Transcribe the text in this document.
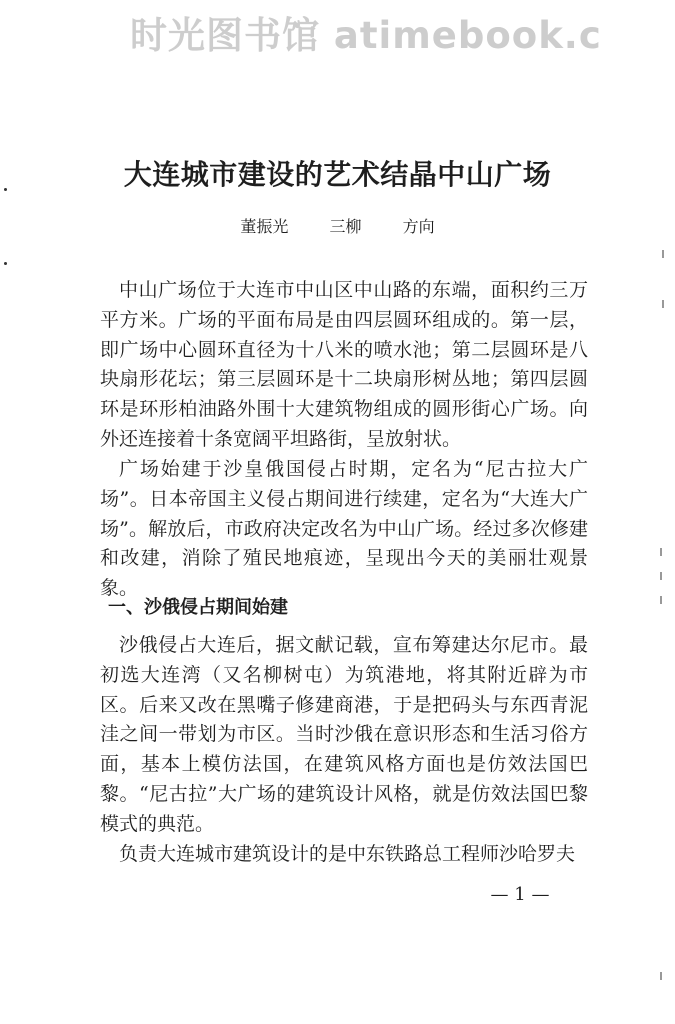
时光图书馆 atimebook.c
大连城市建设的艺术结晶中山广场
董振光	三柳	方向

中山广场位于大连市中山区中山路的东端，面积约三万平方米。广场的平面布局是由四层圆环组成的。第一层，即广场中心圆环直径为十八米的喷水池；第二层圆环是八块扇形花坛；第三层圆环是十二块扇形树丛地；第四层圆环是环形柏油路外围十大建筑物组成的圆形街心广场。向外还连接着十条宽阔平坦路街，呈放射状。

广场始建于沙皇俄国侵占时期，定名为“尼古拉大广场”。日本帝国主义侵占期间进行续建，定名为“大连大广场”。解放后，市政府决定改名为中山广场。经过多次修建和改建，消除了殖民地痕迹，呈现出今天的美丽壮观景象。

一、沙俄侵占期间始建

沙俄侵占大连后，据文献记载，宣布筹建达尔尼市。最初选大连湾（又名柳树屯）为筑港地，将其附近辟为市区。后来又改在黑嘴子修建商港，于是把码头与东西青泥洼之间一带划为市区。当时沙俄在意识形态和生活习俗方面，基本上模仿法国，在建筑风格方面也是仿效法国巴黎。“尼古拉”大广场的建筑设计风格，就是仿效法国巴黎模式的典范。

负责大连城市建筑设计的是中东铁路总工程师沙哈罗夫

— 1 —
